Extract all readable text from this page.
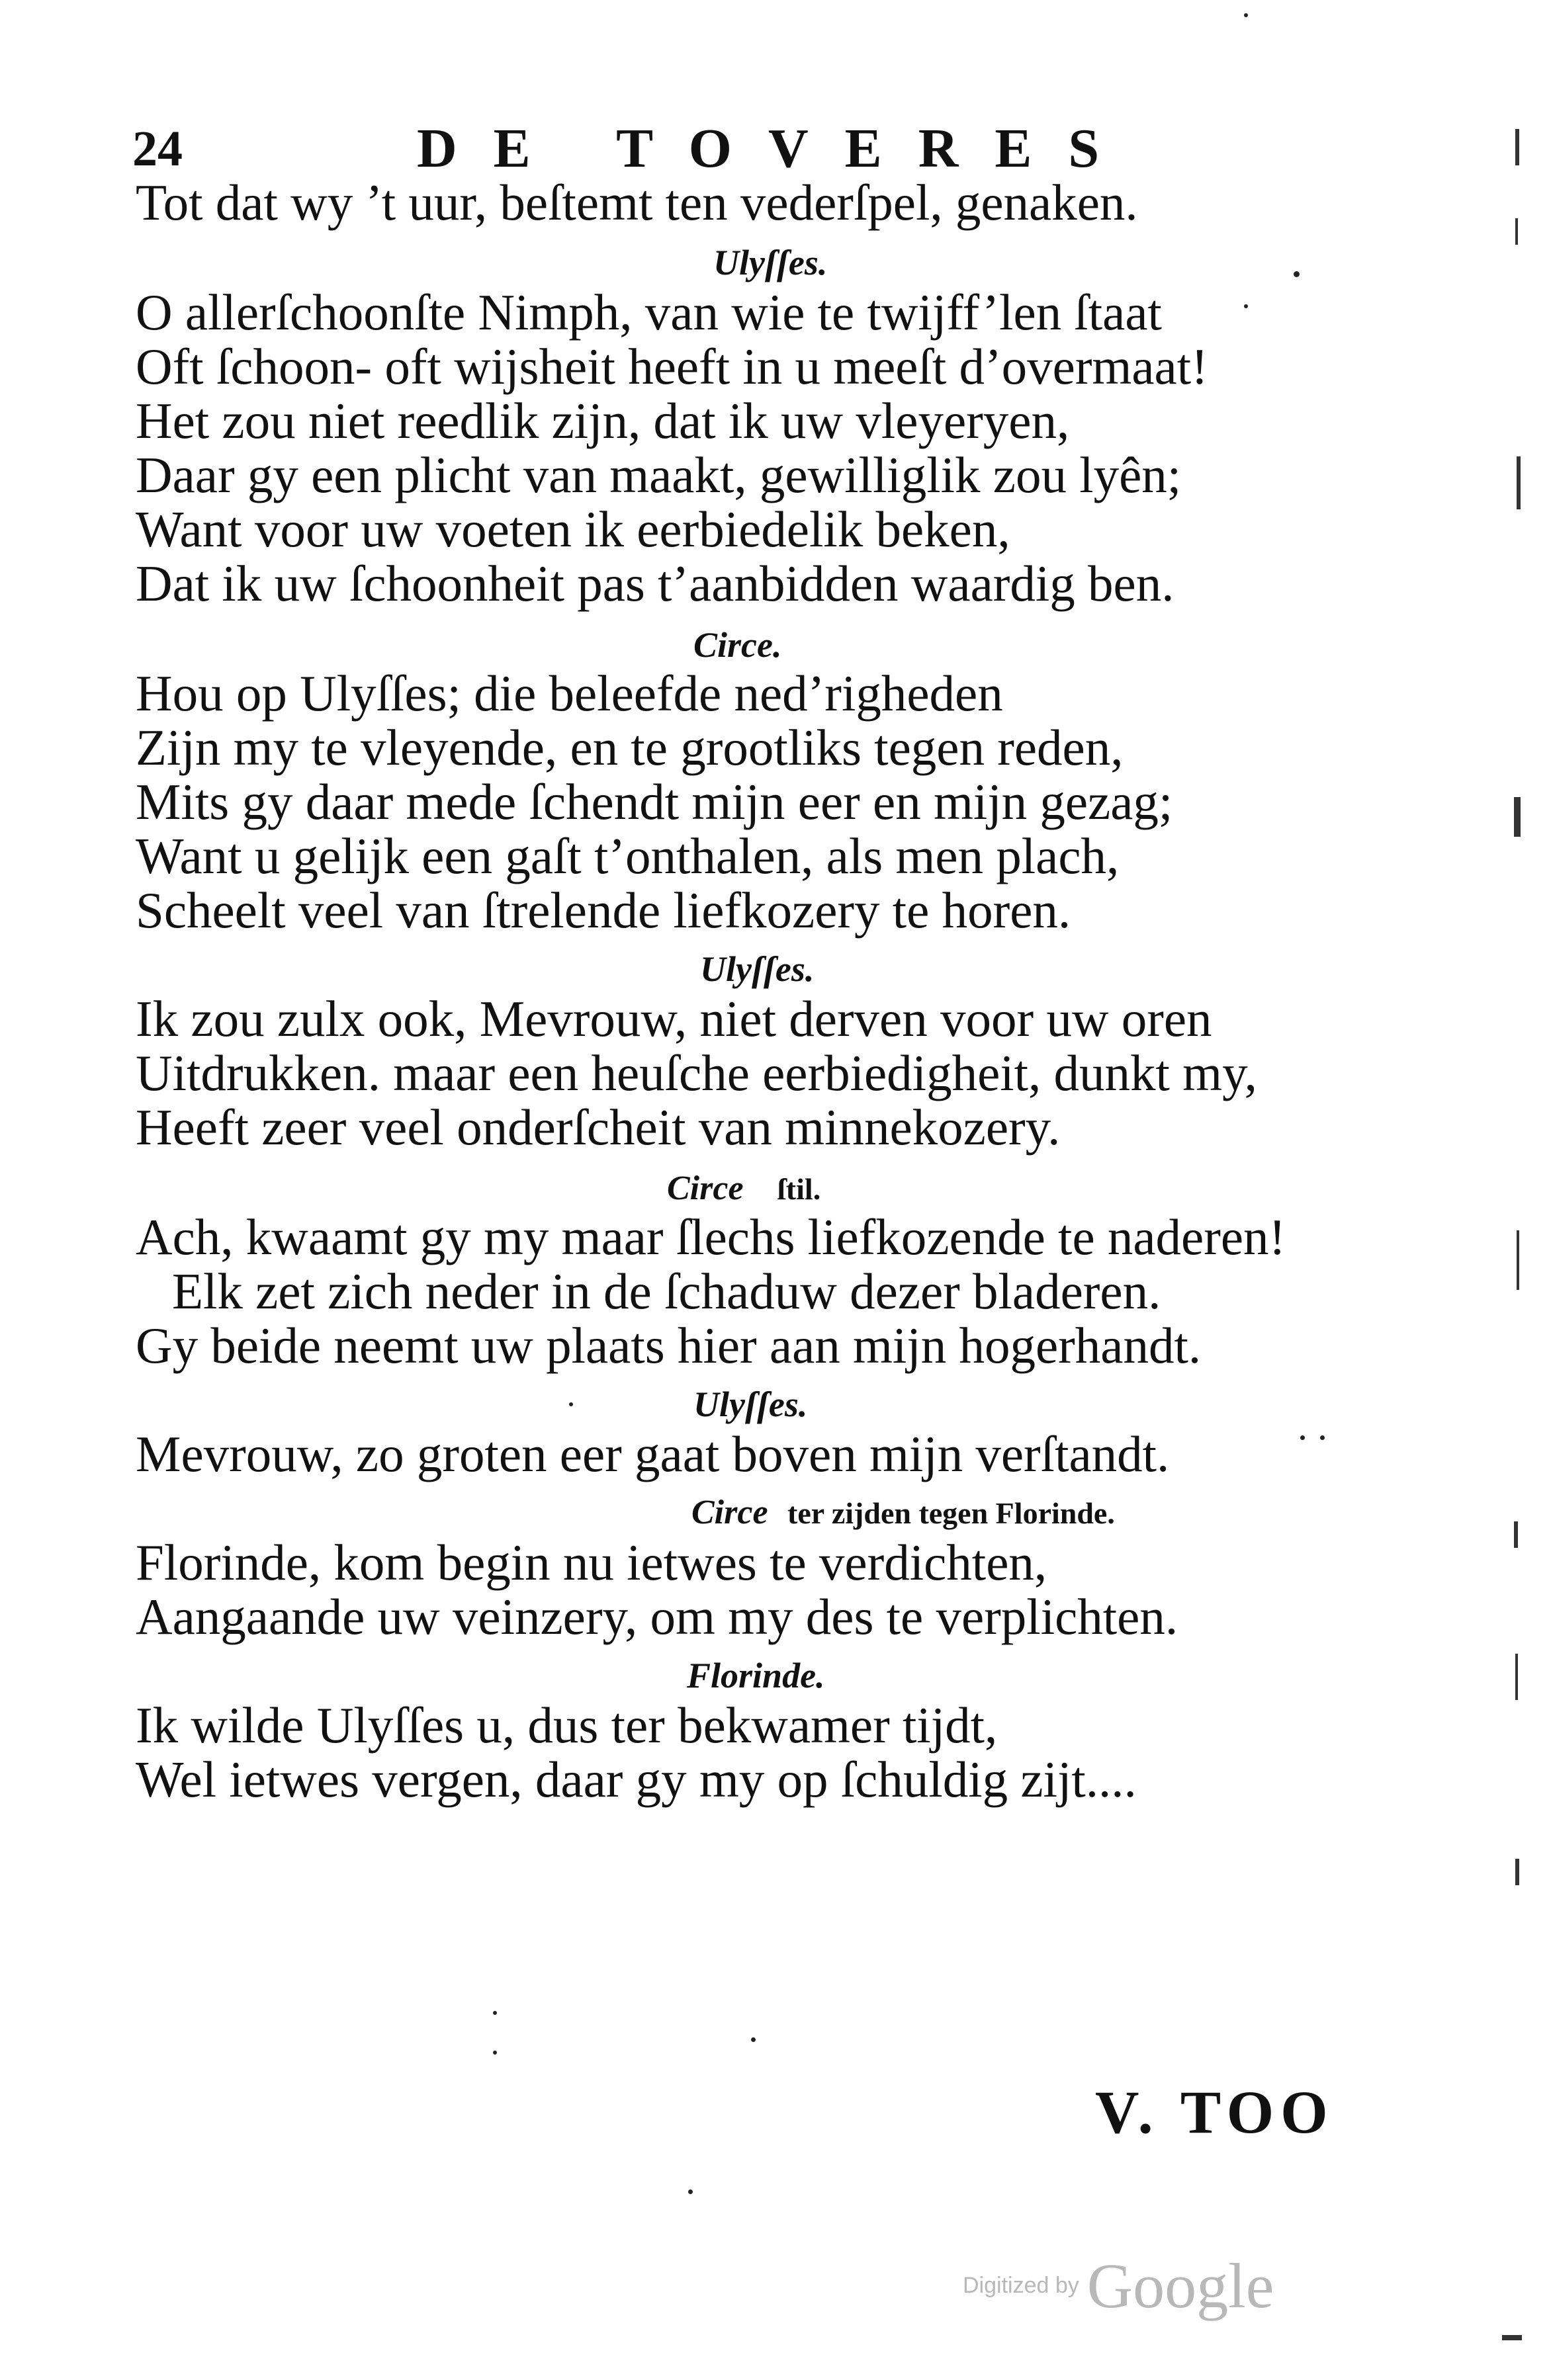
24	DE TOVERES
Tot dat wy ’t uur, beſtemt ten vederſpel, genaken.
Ulyſſes.
O allerſchoonſte Nimph, van wie te twijff’len ſtaat
Oft ſchoon- oft wijsheit heeft in u meeſt d’overmaat!
Het zou niet reedlik zijn, dat ik uw vleyeryen,
Daar gy een plicht van maakt, gewilliglik zou lyên;
Want voor uw voeten ik eerbiedelik beken,
Dat ik uw ſchoonheit pas t’aanbidden waardig ben.
Circe.
Hou op Ulyſſes; die beleefde ned’righeden
Zijn my te vleyende, en te grootliks tegen reden,
Mits gy daar mede ſchendt mijn eer en mijn gezag;
Want u gelijk een gaſt t’onthalen, als men plach,
Scheelt veel van ſtrelende liefkozery te horen.
Ulyſſes.
Ik zou zulx ook, Mevrouw, niet derven voor uw oren
Uitdrukken. maar een heuſche eerbiedigheit, dunkt my,
Heeft zeer veel onderſcheit van minnekozery.
Circe ſtil.
Ach, kwaamt gy my maar ſlechs liefkozende te naderen!
Elk zet zich neder in de ſchaduw dezer bladeren.
Gy beide neemt uw plaats hier aan mijn hogerhandt.
Ulyſſes.
Mevrouw, zo groten eer gaat boven mijn verſtandt.
Circe ter zijden tegen Florinde.
Florinde, kom begin nu ietwes te verdichten,
Aangaande uw veinzery, om my des te verplichten.
Florinde.
Ik wilde Ulyſſes u, dus ter bekwamer tijdt,
Wel ietwes vergen, daar gy my op ſchuldig zijt....
V. TOO
Digitized by Google
